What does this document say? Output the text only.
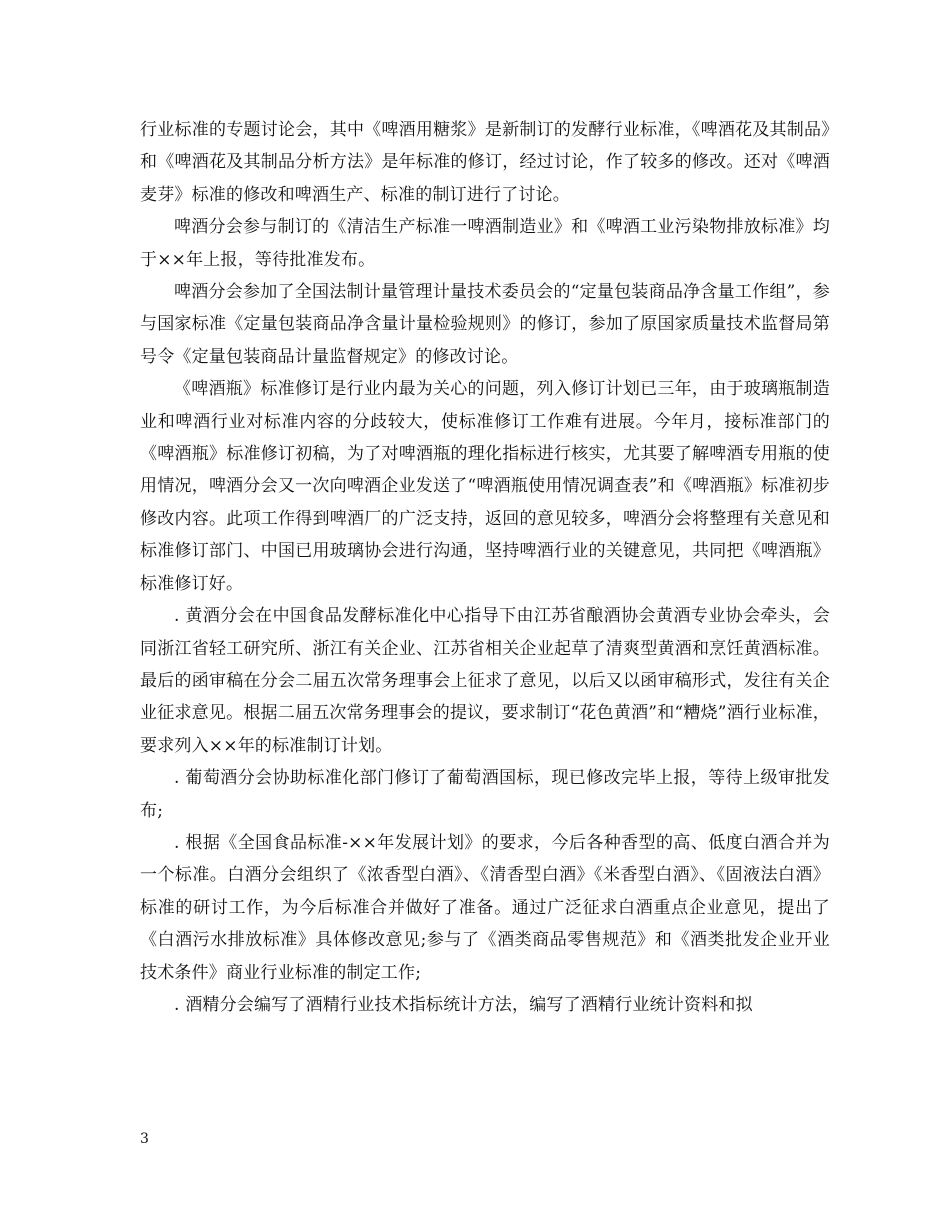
行业标准的专题讨论会，其中《啤酒用糖浆》是新制订的发酵行业标准，《啤酒花及其制品》和《啤酒花及其制品分析方法》是年标准的修订，经过讨论，作了较多的修改。还对《啤酒麦芽》标准的修改和啤酒生产、标准的制订进行了讨论。

啤酒分会参与制订的《清洁生产标准一啤酒制造业》和《啤酒工业污染物排放标准》均于××年上报，等待批准发布。

啤酒分会参加了全国法制计量管理计量技术委员会的“定量包装商品净含量工作组”，参与国家标准《定量包装商品净含量计量检验规则》的修订，参加了原国家质量技术监督局第号令《定量包装商品计量监督规定》的修改讨论。

《啤酒瓶》标准修订是行业内最为关心的问题，列入修订计划已三年，由于玻璃瓶制造业和啤酒行业对标准内容的分歧较大，使标准修订工作难有进展。今年月，接标准部门的《啤酒瓶》标准修订初稿，为了对啤酒瓶的理化指标进行核实，尤其要了解啤酒专用瓶的使用情况，啤酒分会又一次向啤酒企业发送了“啤酒瓶使用情况调查表”和《啤酒瓶》标准初步修改内容。此项工作得到啤酒厂的广泛支持，返回的意见较多，啤酒分会将整理有关意见和标准修订部门、中国已用玻璃协会进行沟通，坚持啤酒行业的关键意见，共同把《啤酒瓶》标准修订好。

. 黄酒分会在中国食品发酵标准化中心指导下由江苏省酿酒协会黄酒专业协会牵头，会同浙江省轻工研究所、浙江有关企业、江苏省相关企业起草了清爽型黄酒和烹饪黄酒标准。最后的函审稿在分会二届五次常务理事会上征求了意见，以后又以函审稿形式，发往有关企业征求意见。根据二届五次常务理事会的提议，要求制订“花色黄酒”和“糟烧”酒行业标准，要求列入××年的标准制订计划。

. 葡萄酒分会协助标准化部门修订了葡萄酒国标，现已修改完毕上报，等待上级审批发布;

. 根据《全国食品标准-××年发展计划》的要求，今后各种香型的高、低度白酒合并为一个标准。白酒分会组织了《浓香型白酒》、《清香型白酒》《米香型白酒》、《固液法白酒》标准的研讨工作，为今后标准合并做好了准备。通过广泛征求白酒重点企业意见，提出了《白酒污水排放标准》具体修改意见;参与了《酒类商品零售规范》和《酒类批发企业开业技术条件》商业行业标准的制定工作;

. 酒精分会编写了酒精行业技术指标统计方法，编写了酒精行业统计资料和拟

3
